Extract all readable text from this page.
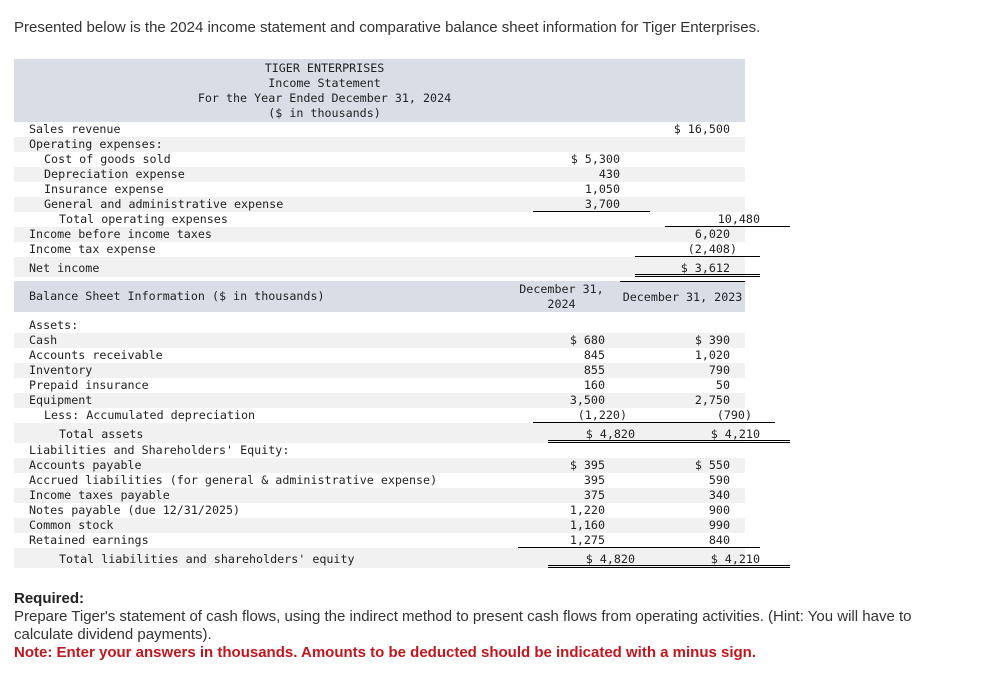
Presented below is the 2024 income statement and comparative balance sheet information for Tiger Enterprises.
TIGER ENTERPRISES
Income Statement
For the Year Ended December 31, 2024
($ in thousands)
Sales revenue	$ 16,500
Operating expenses:
Cost of goods sold	$ 5,300
Depreciation expense	430
Insurance expense	1,050
General and administrative expense	3,700
Total operating expenses	10,480
Income before income taxes	6,020
Income tax expense	(2,408)
Net income	$ 3,612
Balance Sheet Information ($ in thousands)	December 31, 2024	December 31, 2023
Assets:
Cash	$ 680	$ 390
Accounts receivable	845	1,020
Inventory	855	790
Prepaid insurance	160	50
Equipment	3,500	2,750
Less: Accumulated depreciation	(1,220)	(790)
Total assets	$ 4,820	$ 4,210
Liabilities and Shareholders' Equity:
Accounts payable	$ 395	$ 550
Accrued liabilities (for general & administrative expense)	395	590
Income taxes payable	375	340
Notes payable (due 12/31/2025)	1,220	900
Common stock	1,160	990
Retained earnings	1,275	840
Total liabilities and shareholders' equity	$ 4,820	$ 4,210
Required:
Prepare Tiger's statement of cash flows, using the indirect method to present cash flows from operating activities. (Hint: You will have to calculate dividend payments).
Note: Enter your answers in thousands. Amounts to be deducted should be indicated with a minus sign.
